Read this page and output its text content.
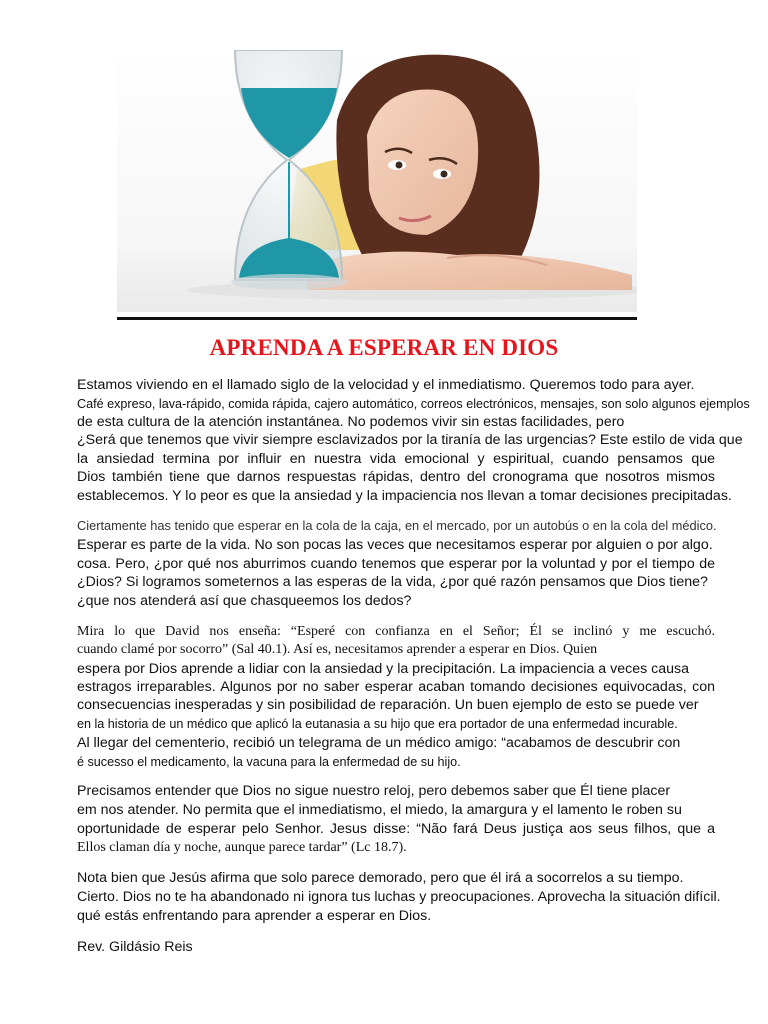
APRENDA A ESPERAR EN DIOS

Estamos viviendo en el llamado siglo de la velocidad y el inmediatismo. Queremos todo para ayer.

Café expreso, lava-rápido, comida rápida, cajero automático, correos electrónicos, mensajes, son solo algunos ejemplos

de esta cultura de la atención instantánea. No podemos vivir sin estas facilidades, pero

¿Será que tenemos que vivir siempre esclavizados por la tiranía de las urgencias? Este estilo de vida que

la ansiedad termina por influir en nuestra vida emocional y espiritual, cuando pensamos que

Dios también tiene que darnos respuestas rápidas, dentro del cronograma que nosotros mismos

establecemos. Y lo peor es que la ansiedad y la impaciencia nos llevan a tomar decisiones precipitadas.

Ciertamente has tenido que esperar en la cola de la caja, en el mercado, por un autobús o en la cola del médico.

Esperar es parte de la vida. No son pocas las veces que necesitamos esperar por alguien o por algo.

cosa. Pero, ¿por qué nos aburrimos cuando tenemos que esperar por la voluntad y por el tiempo de

¿Dios? Si logramos someternos a las esperas de la vida, ¿por qué razón pensamos que Dios tiene?

¿que nos atenderá así que chasqueemos los dedos?

Mira lo que David nos enseña: “Esperé con confianza en el Señor; Él se inclinó y me escuchó.

cuando clamé por socorro” (Sal 40.1). Así es, necesitamos aprender a esperar en Dios. Quien

espera por Dios aprende a lidiar con la ansiedad y la precipitación. La impaciencia a veces causa

estragos irreparables. Algunos por no saber esperar acaban tomando decisiones equivocadas, con

consecuencias inesperadas y sin posibilidad de reparación. Un buen ejemplo de esto se puede ver

en la historia de un médico que aplicó la eutanasia a su hijo que era portador de una enfermedad incurable.

Al llegar del cementerio, recibió un telegrama de un médico amigo: “acabamos de descubrir con

é sucesso el medicamento, la vacuna para la enfermedad de su hijo.

Precisamos entender que Dios no sigue nuestro reloj, pero debemos saber que Él tiene placer

em nos atender. No permita que el inmediatismo, el miedo, la amargura y el lamento le roben su

oportunidade de esperar pelo Senhor. Jesus disse: “Não fará Deus justiça aos seus filhos, que a

Ellos claman día y noche, aunque parece tardar” (Lc 18.7).

Nota bien que Jesús afirma que solo parece demorado, pero que él irá a socorrelos a su tiempo.

Cierto. Dios no te ha abandonado ni ignora tus luchas y preocupaciones. Aprovecha la situación difícil.

qué estás enfrentando para aprender a esperar en Dios.

Rev. Gildásio Reis
